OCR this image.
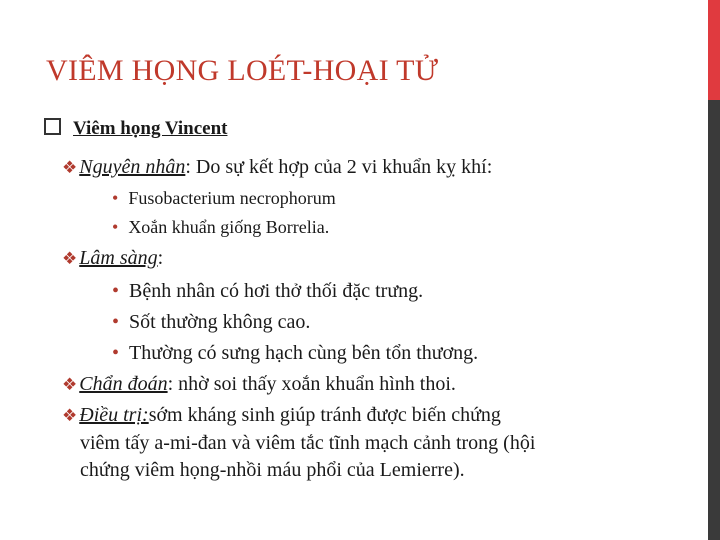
VIÊM HỌNG LOÉT-HOẠI TỬ
Viêm họng Vincent
❖ Nguyên nhân: Do sự kết hợp của 2 vi khuẩn kỵ khí:
• Fusobacterium necrophorum
• Xoắn khuẩn giống Borrelia.
❖ Lâm sàng:
• Bệnh nhân có hơi thở thối đặc trưng.
• Sốt thường không cao.
• Thường có sưng hạch cùng bên tổn thương.
❖ Chẩn đoán: nhờ soi thấy xoắn khuẩn hình thoi.
❖ Điều trị:sớm kháng sinh giúp tránh được biến chứng
viêm tấy a-mi-đan và viêm tắc tĩnh mạch cảnh trong (hội
chứng viêm họng-nhồi máu phổi của Lemierre).
